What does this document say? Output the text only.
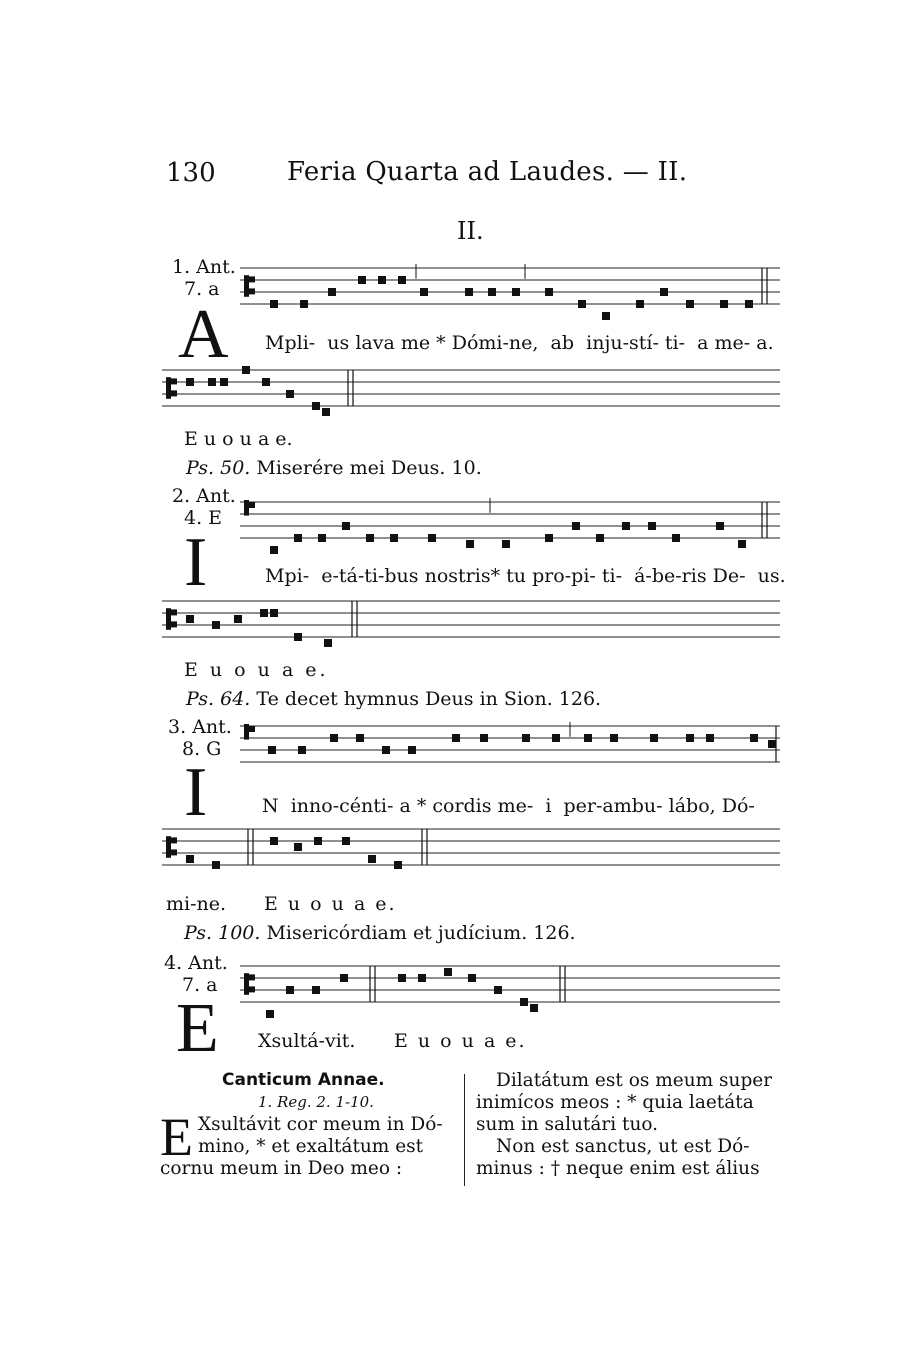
130	Feria Quarta ad Laudes. — II.
II.
1. Ant.
7. a
A Mpli- us lava me * Dómi-ne, ab inju-stí- ti- a me- a.
E u o u a e.
Ps. 50. Miserére mei Deus. 10.
2. Ant.
4. E
I	Mpi- e-tá-ti-bus nostris* tu pro-pi- ti- á-be-ris De- us.
E u o u a e.
Ps. 64. Te decet hymnus Deus in Sion. 126.
3. Ant.
8. G
I	N inno-cénti- a * cordis me- i per-ambu- lábo, Dó-
mi-ne. E u o u a e.
Ps. 100. Misericórdiam et judícium. 126.
4. Ant.
7. a
E Xsultá-vit. E u o u a e.
Canticum Annae.
1. Reg. 2. 1-10.
E Xsultávit cor meum in Dó-

mino, * et exaltátum est

cornu meum in Deo meo :

Dilatátum est os meum super

inimícos meos : * quia laetáta

sum in salutári tuo.

Non est sanctus, ut est Dó-

minus : † neque enim est álius
